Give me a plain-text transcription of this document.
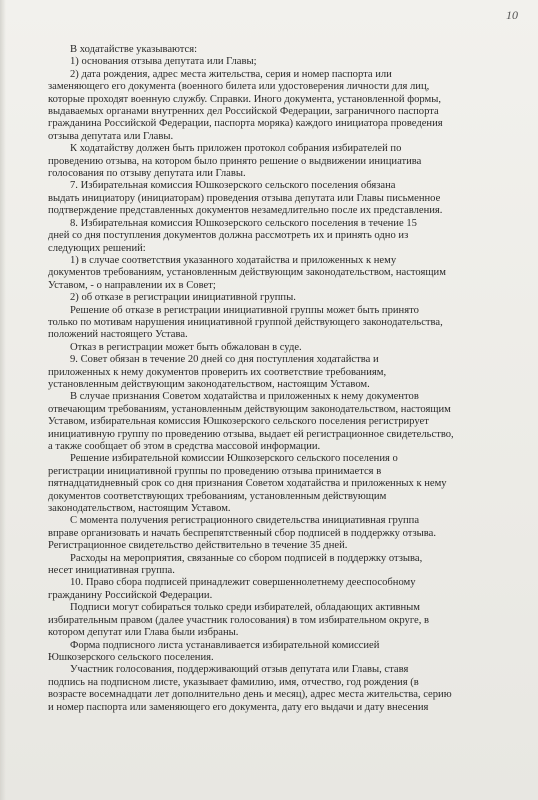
10

В ходатайстве указываются:

1) основания отзыва депутата или Главы;

2) дата рождения, адрес места жительства, серия и номер паспорта или

заменяющего его документа (военного билета или удостоверения личности для лиц,

которые проходят военную службу. Справки. Иного документа, установленной формы,

выдаваемых органами внутренних дел Российской Федерации, заграничного паспорта

гражданина Российской Федерации, паспорта моряка) каждого инициатора проведения

отзыва депутата или Главы.

К ходатайству должен быть приложен протокол собрания избирателей по

проведению отзыва, на котором было принято решение о выдвижении инициатива

голосования по отзыву депутата или Главы.

7. Избирательная комиссия Юшкозерского сельского поселения обязана

выдать инициатору (инициаторам) проведения отзыва депутата или Главы письменное

подтверждение представленных документов незамедлительно после их представления.

8. Избирательная комиссия Юшкозерского сельского поселения в течение 15

дней со дня поступления документов должна рассмотреть их и принять одно из

следующих решений:

1) в случае соответствия указанного ходатайства и приложенных к нему

документов требованиям, установленным действующим законодательством, настоящим

Уставом, - о направлении их в Совет;

2) об отказе в регистрации инициативной группы.

Решение об отказе в регистрации инициативной группы может быть принято

только по мотивам нарушения инициативной группой действующего законодательства,

положений настоящего Устава.

Отказ в регистрации может быть обжалован в суде.

9. Совет обязан в течение 20 дней со дня поступления ходатайства и

приложенных к нему документов проверить их соответствие требованиям,

установленным действующим законодательством, настоящим Уставом.

В случае признания Советом ходатайства и приложенных к нему документов

отвечающим требованиям, установленным действующим законодательством, настоящим

Уставом, избирательная комиссия Юшкозерского сельского поселения регистрирует

инициативную группу по проведению отзыва, выдает ей регистрационное свидетельство,

а также сообщает об этом в средства массовой информации.

Решение избирательной комиссии Юшкозерского сельского поселения о

регистрации инициативной группы по проведению отзыва принимается в

пятнадцатидневный срок со дня признания Советом ходатайства и приложенных к нему

документов соответствующих требованиям, установленным действующим

законодательством, настоящим Уставом.

С момента получения регистрационного свидетельства инициативная группа

вправе организовать и начать беспрепятственный сбор подписей в поддержку отзыва.

Регистрационное свидетельство действительно в течение 35 дней.

Расходы на мероприятия, связанные со сбором подписей в поддержку отзыва,

несет инициативная группа.

10. Право сбора подписей принадлежит совершеннолетнему дееспособному

гражданину Российской Федерации.

Подписи могут собираться только среди избирателей, обладающих активным

избирательным правом (далее участник голосования) в том избирательном округе, в

котором депутат или Глава были избраны.

Форма подписного листа устанавливается избирательной комиссией

Юшкозерского сельского поселения.

Участник голосования, поддерживающий отзыв депутата или Главы, ставя

подпись на подписном листе, указывает фамилию, имя, отчество, год рождения (в

возрасте восемнадцати лет дополнительно день и месяц), адрес места жительства, серию

и номер паспорта или заменяющего его документа, дату его выдачи и дату внесения
